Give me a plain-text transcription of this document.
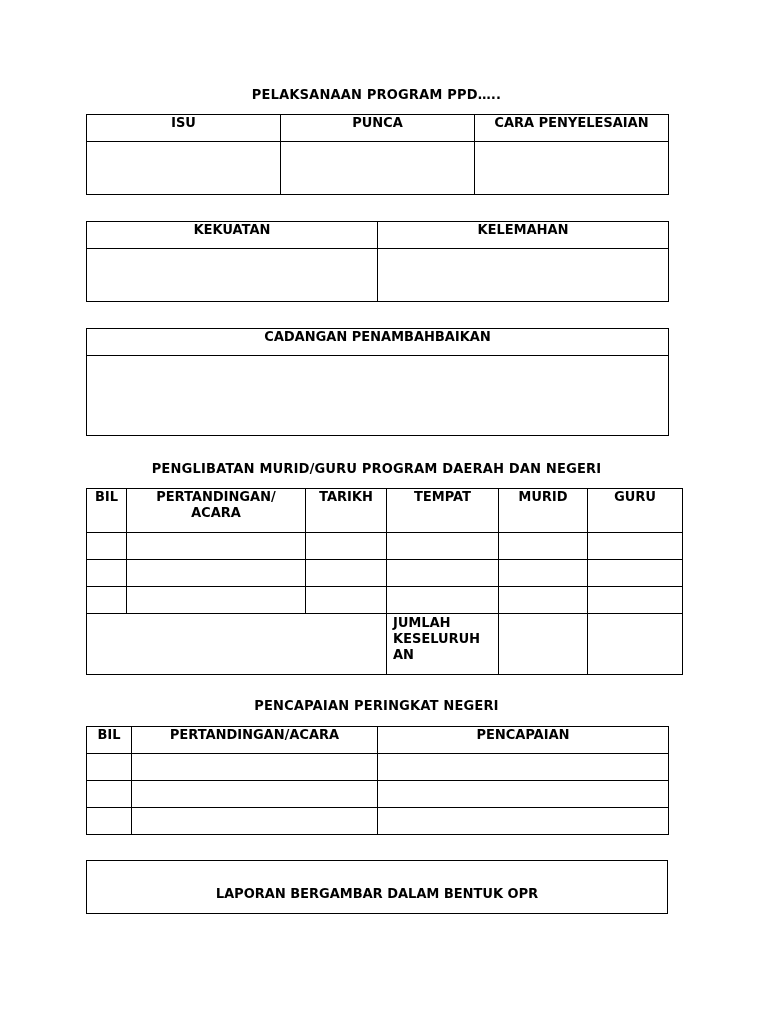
PELAKSANAAN PROGRAM PPD…..
ISU	PUNCA	CARA PENYELESAIAN

KEKUATAN	KELEMAHAN

CADANGAN PENAMBAHBAIKAN

PENGLIBATAN MURID/GURU PROGRAM DAERAH DAN NEGERI
BIL	PERTANDINGAN/ ACARA	TARIKH	TEMPAT	MURID	GURU

			JUMLAH KESELURUH AN		
PENCAPAIAN PERINGKAT NEGERI
BIL	PERTANDINGAN/ACARA	PENCAPAIAN

LAPORAN BERGAMBAR DALAM BENTUK OPR
